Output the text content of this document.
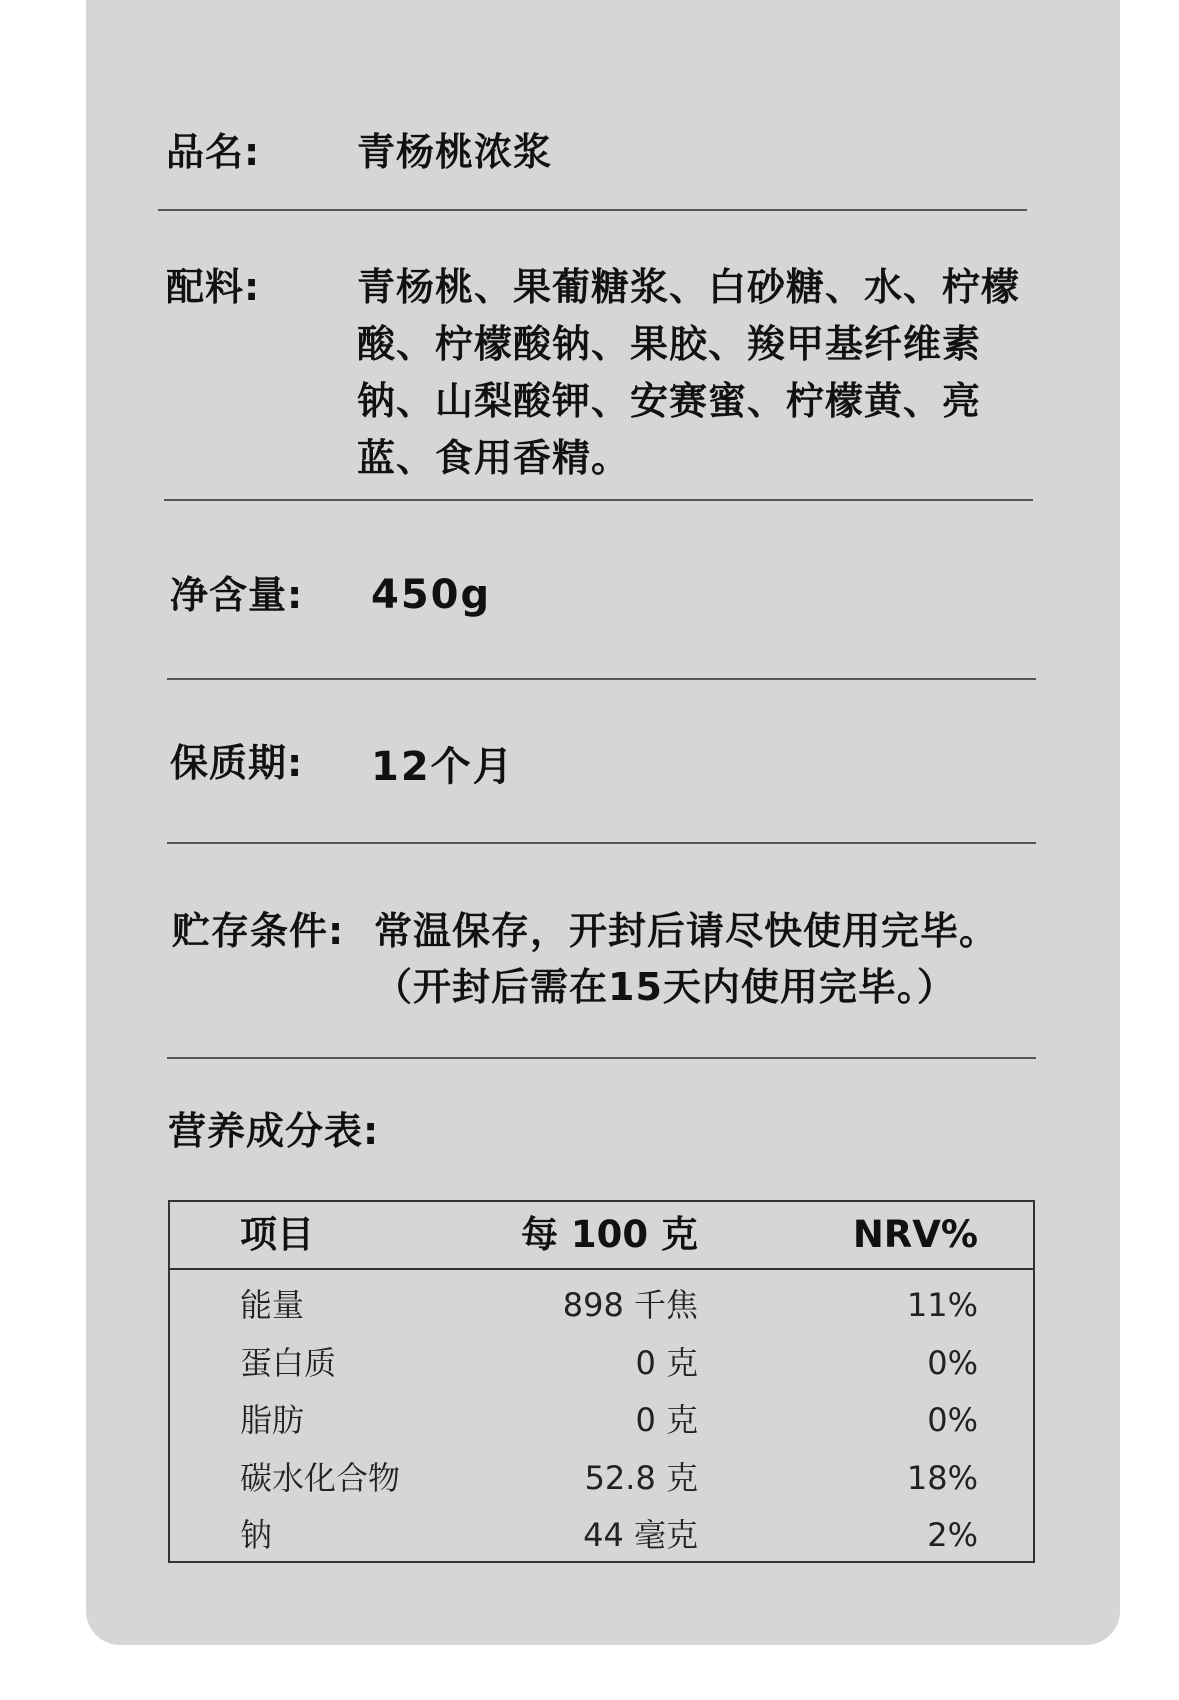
品名:	青杨桃浓浆
配料:	青杨桃、果葡糖浆、白砂糖、水、柠檬酸、柠檬酸钠、果胶、羧甲基纤维素钠、山梨酸钾、安赛蜜、柠檬黄、亮蓝、食用香精。
净含量: 450g
保质期: 12个月
贮存条件: 常温保存，开封后请尽快使用完毕。
（开封后需在15天内使用完毕。）
营养成分表:
项目	每 100 克	NRV%
能量	898 千焦	11%
蛋白质	0 克	0%
脂肪	0 克	0%
碳水化合物	52.8 克	18%
钠	44 毫克	2%
